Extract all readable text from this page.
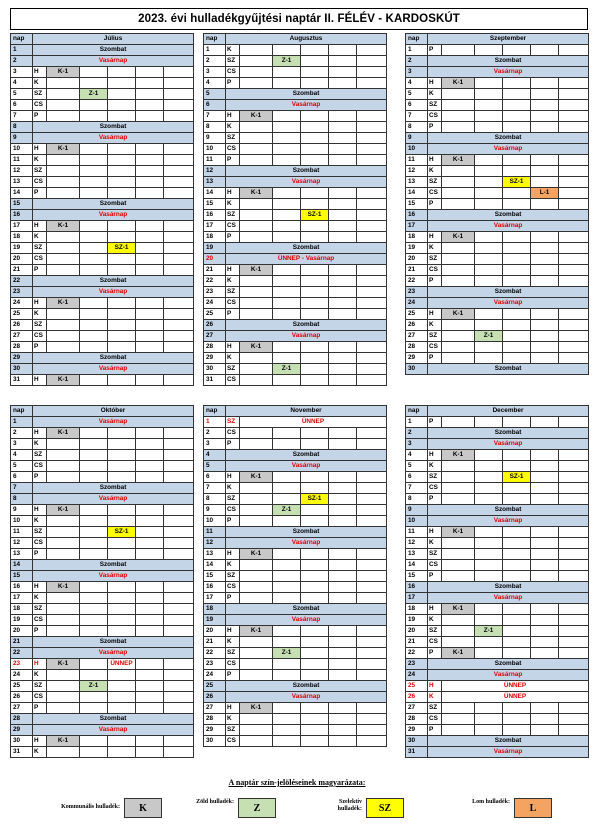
2023. évi hulladékgyűjtési naptár II. FÉLÉV - KARDOSKÚT
nap	Július					
1	Szombat					
2	Vasárnap					
3	H	K-1				
4	K					
5	SZ		Z-1			
6	CS					
7	P					
8	Szombat					
9	Vasárnap					
10	H	K-1				
11	K					
12	SZ					
13	CS					
14	P					
15	Szombat					
16	Vasárnap					
17	H	K-1				
18	K					
19	SZ			SZ-1		
20	CS					
21	P					
22	Szombat					
23	Vasárnap					
24	H	K-1				
25	K					
26	SZ					
27	CS					
28	P					
29	Szombat					
30	Vasárnap					
31	H	K-1				
nap	Augusztus					
1	K					
2	SZ		Z-1			
3	CS					
4	P					
5	Szombat					
6	Vasárnap					
7	H	K-1				
8	K					
9	SZ					
10	CS					
11	P					
12	Szombat					
13	Vasárnap					
14	H	K-1				
15	K					
16	SZ			SZ-1		
17	CS					
18	P					
19	Szombat					
20	ÜNNEP - Vasárnap					
21	H	K-1				
22	K					
23	SZ					
24	CS					
25	P					
26	Szombat					
27	Vasárnap					
28	H	K-1				
29	K					
30	SZ		Z-1			
31	CS					
nap	Szeptember					
1	P					
2	Szombat					
3	Vasárnap					
4	H	K-1				
5	K					
6	SZ					
7	CS					
8	P					
9	Szombat					
10	Vasárnap					
11	H	K-1				
12	K					
13	SZ			SZ-1		
14	CS				L-1	
15	P					
16	Szombat					
17	Vasárnap					
18	H	K-1				
19	K					
20	SZ					
21	CS					
22	P					
23	Szombat					
24	Vasárnap					
25	H	K-1				
26	K					
27	SZ		Z-1			
28	CS					
29	P					
30	Szombat					
nap	Október					
1	Vasárnap					
2	H	K-1				
3	K					
4	SZ					
5	CS					
6	P					
7	Szombat					
8	Vasárnap					
9	H	K-1				
10	K					
11	SZ			SZ-1		
12	CS					
13	P					
14	Szombat					
15	Vasárnap					
16	H	K-1				
17	K					
18	SZ					
19	CS					
20	P					
21	Szombat					
22	Vasárnap					
23	H	K-1		ÜNNEP		
24	K					
25	SZ		Z-1			
26	CS					
27	P					
28	Szombat					
29	Vasárnap					
30	H	K-1				
31	K					
nap	November					
1	SZ	ÜNNEP				
2	CS					
3	P					
4	Szombat					
5	Vasárnap					
6	H	K-1				
7	K					
8	SZ			SZ-1		
9	CS		Z-1			
10	P					
11	Szombat					
12	Vasárnap					
13	H	K-1				
14	K					
15	SZ					
16	CS					
17	P					
18	Szombat					
19	Vasárnap					
20	H	K-1				
21	K					
22	SZ		Z-1			
23	CS					
24	P					
25	Szombat					
26	Vasárnap					
27	H	K-1				
28	K					
29	SZ					
30	CS					
nap	December					
1	P					
2	Szombat					
3	Vasárnap					
4	H	K-1				
5	K					
6	SZ			SZ-1		
7	CS					
8	P					
9	Szombat					
10	Vasárnap					
11	H	K-1				
12	K					
13	SZ					
14	CS					
15	P					
16	Szombat					
17	Vasárnap					
18	H	K-1				
19	K					
20	SZ		Z-1			
21	CS					
22	P	K-1				
23	Szombat					
24	Vasárnap					
25	H	ÜNNEP				
26	K	ÜNNEP				
27	SZ					
28	CS					
29	P					
30	Szombat					
31	Vasárnap					
A naptár szín-jelöléseinek magyarázata:
Kommunális hulladék:	K
Zöld hulladék:
Z
Szelektív hulladék:	SZ
Lom hulladék:
L
